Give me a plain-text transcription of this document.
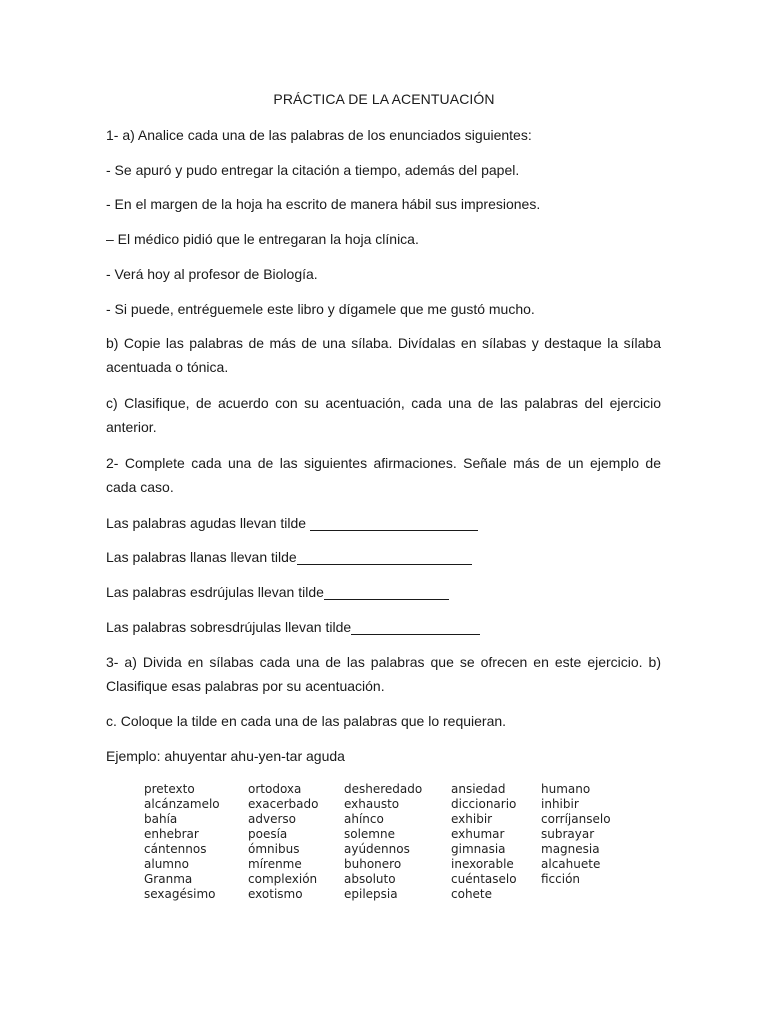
PRÁCTICA DE LA ACENTUACIÓN
1- a) Analice cada una de las palabras de los enunciados siguientes:
- Se apuró y pudo entregar la citación a tiempo, además del papel.
- En el margen de la hoja ha escrito de manera hábil sus impresiones.
– El médico pidió que le entregaran la hoja clínica.
- Verá hoy al profesor de Biología.
- Si puede, entréguemele este libro y dígamele que me gustó mucho.
b) Copie las palabras de más de una sílaba. Divídalas en sílabas y destaque la sílaba acentuada o tónica.
c) Clasifique, de acuerdo con su acentuación, cada una de las palabras del ejercicio anterior.
2- Complete cada una de las siguientes afirmaciones. Señale más de un ejemplo de cada caso.
Las palabras agudas llevan tilde
Las palabras llanas llevan tilde
Las palabras esdrújulas llevan tilde
Las palabras sobresdrújulas llevan tilde
3- a) Divida en sílabas cada una de las palabras que se ofrecen en este ejercicio. b) Clasifique esas palabras por su acentuación.
c. Coloque la tilde en cada una de las palabras que lo requieran.
Ejemplo: ahuyentar ahu-yen-tar aguda
pretexto
alcánzamelo
bahía
enhebrar
cántennos
alumno
Granma
sexagésimo
ortodoxa
exacerbado
adverso
poesía
ómnibus
mírenme
complexión
exotismo
desheredado
exhausto
ahínco
solemne
ayúdennos
buhonero
absoluto
epilepsia
ansiedad
diccionario
exhibir
exhumar
gimnasia
inexorable
cuéntaselo
cohete
humano
inhibir
corríjanselo
subrayar
magnesia
alcahuete
ficción
